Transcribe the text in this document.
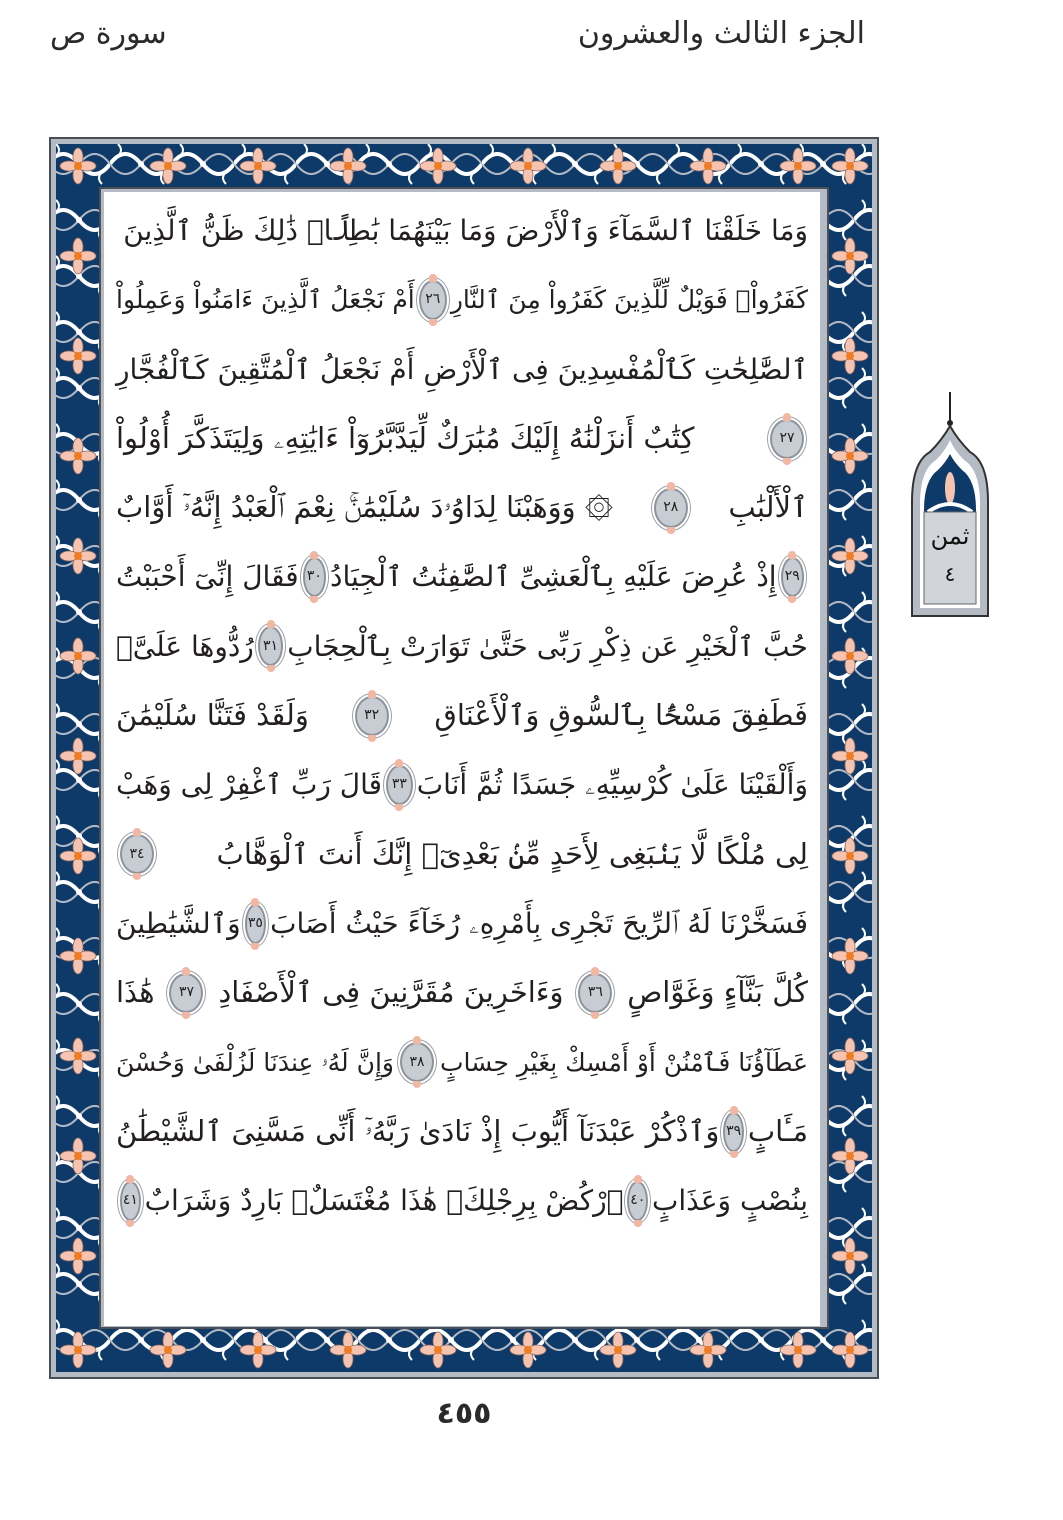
الجزء الثالث والعشرون
سورة ص
وَمَا خَلَقْنَا ٱلسَّمَآءَ وَٱلْأَرْضَ وَمَا بَيْنَهُمَا بَٰطِلًاۚ ذَٰلِكَ ظَنُّ ٱلَّذِينَ
كَفَرُواْۚ فَوَيْلٌ لِّلَّذِينَ كَفَرُواْ مِنَ ٱلنَّارِ
٢٦
أَمْ نَجْعَلُ ٱلَّذِينَ ءَامَنُواْ وَعَمِلُواْ
ٱلصَّٰلِحَٰتِ كَٱلْمُفْسِدِينَ فِى ٱلْأَرْضِ أَمْ نَجْعَلُ ٱلْمُتَّقِينَ كَٱلْفُجَّارِ
٢٧
كِتَٰبٌ أَنزَلْنَٰهُ إِلَيْكَ مُبَٰرَكٌ لِّيَدَّبَّرُوٓاْ ءَايَٰتِهِۦ وَلِيَتَذَكَّرَ أُوْلُواْ
ٱلْأَلْبَٰبِ
٢٨
۞ وَوَهَبْنَا لِدَاوُۥدَ سُلَيْمَٰنَۚ نِعْمَ ٱلْعَبْدُ إِنَّهُۥٓ أَوَّابٌ
٢٩
إِذْ عُرِضَ عَلَيْهِ بِٱلْعَشِىِّ ٱلصَّٰفِنَٰتُ ٱلْجِيَادُ
٣٠
فَقَالَ إِنِّىٓ أَحْبَبْتُ
حُبَّ ٱلْخَيْرِ عَن ذِكْرِ رَبِّى حَتَّىٰ تَوَارَتْ بِٱلْحِجَابِ
٣١
رُدُّوهَا عَلَىَّۖ
فَطَفِقَ مَسْحًۢا بِٱلسُّوقِ وَٱلْأَعْنَاقِ
٣٢
وَلَقَدْ فَتَنَّا سُلَيْمَٰنَ
وَأَلْقَيْنَا عَلَىٰ كُرْسِيِّهِۦ جَسَدًا ثُمَّ أَنَابَ
٣٣
قَالَ رَبِّ ٱغْفِرْ لِى وَهَبْ
لِى مُلْكًا لَّا يَنۢبَغِى لِأَحَدٍ مِّنۢ بَعْدِىٓۖ إِنَّكَ أَنتَ ٱلْوَهَّابُ
٣٤
فَسَخَّرْنَا لَهُ ٱلرِّيحَ تَجْرِى بِأَمْرِهِۦ رُخَآءً حَيْثُ أَصَابَ
٣٥
وَٱلشَّيَٰطِينَ
كُلَّ بَنَّآءٍ وَغَوَّاصٍ
٣٦
وَءَاخَرِينَ مُقَرَّنِينَ فِى ٱلْأَصْفَادِ
٣٧
هَٰذَا
عَطَآؤُنَا فَٱمْنُنْ أَوْ أَمْسِكْ بِغَيْرِ حِسَابٍ
٣٨
وَإِنَّ لَهُۥ عِندَنَا لَزُلْفَىٰ وَحُسْنَ
مَـَٔابٍ
٣٩
وَٱذْكُرْ عَبْدَنَآ أَيُّوبَ إِذْ نَادَىٰ رَبَّهُۥٓ أَنِّى مَسَّنِىَ ٱلشَّيْطَٰنُ
بِنُصْبٍ وَعَذَابٍ
٤٠
ٱرْكُضْ بِرِجْلِكَۖ هَٰذَا مُغْتَسَلٌۢ بَارِدٌ وَشَرَابٌ
٤١
ثمن
٤
٤٥٥
